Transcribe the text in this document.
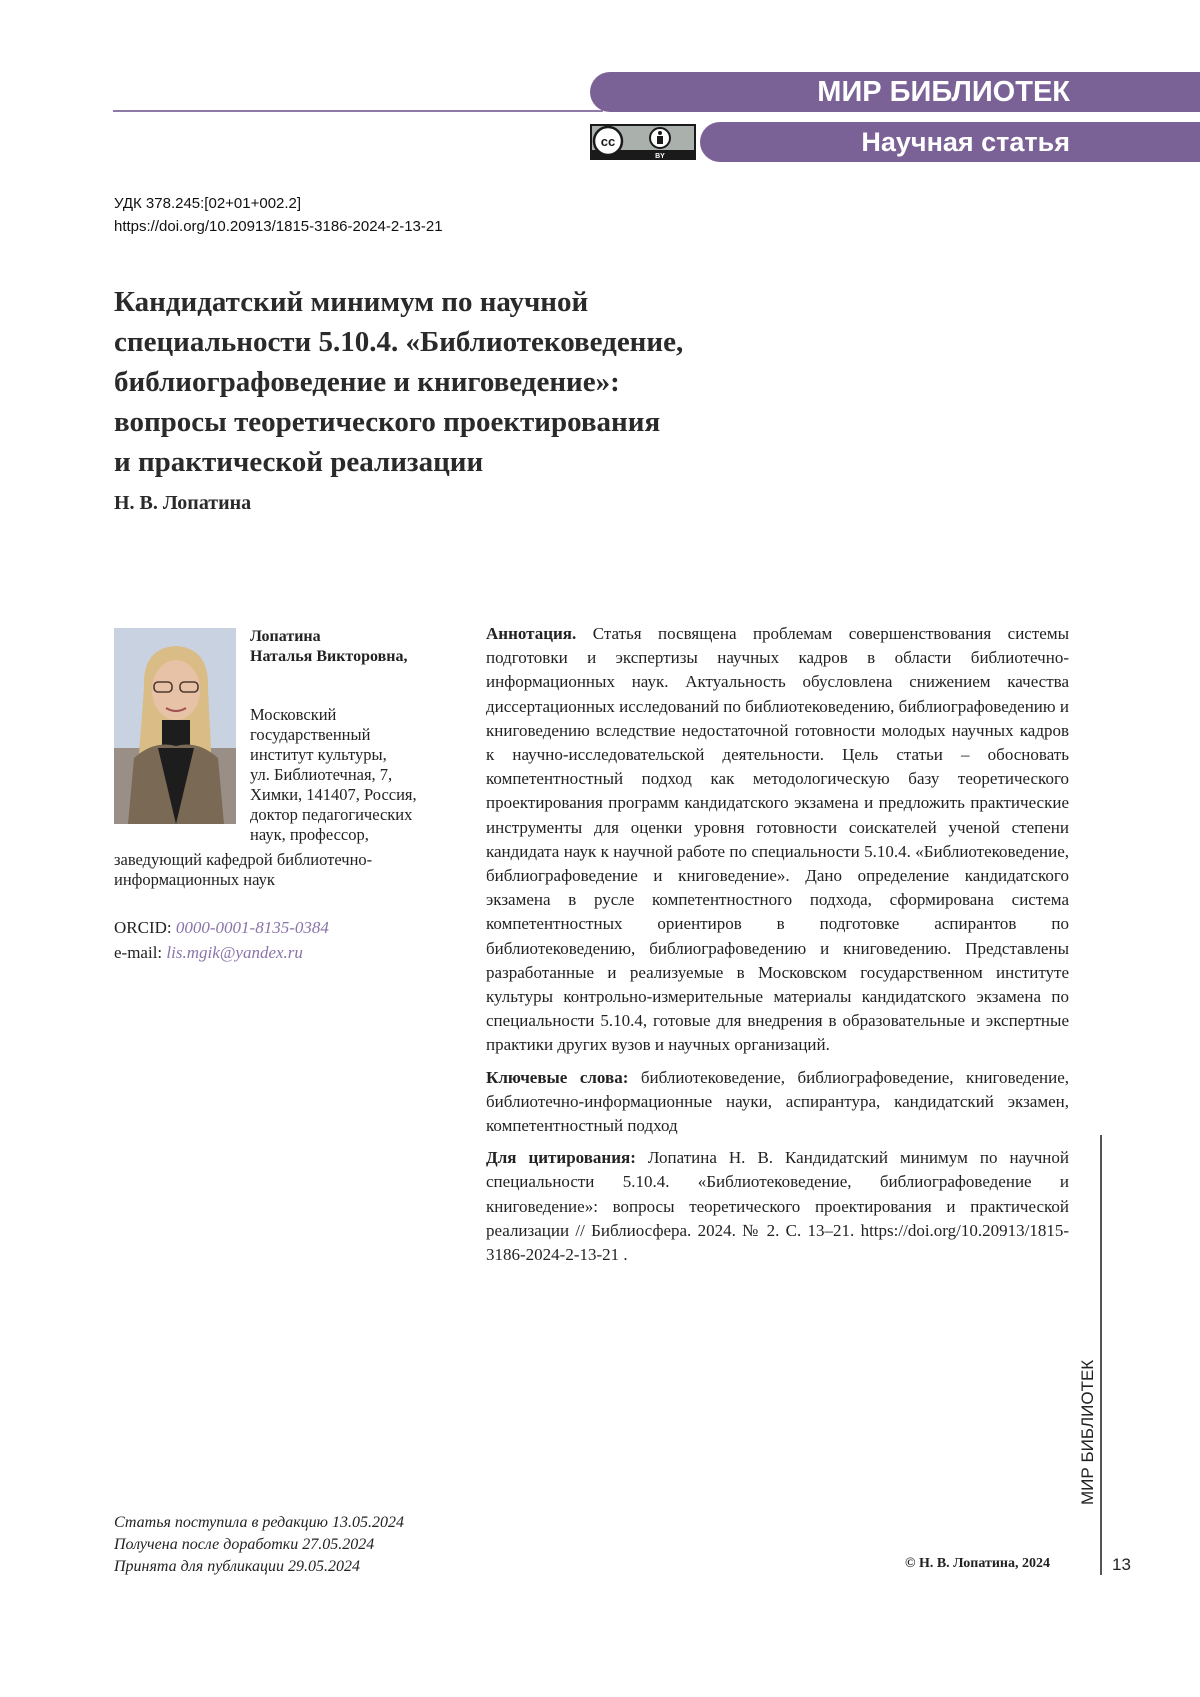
МИР БИБЛИОТЕК
cc
BY	Научная статья
УДК 378.245:[02+01+002.2]
https://doi.org/10.20913/1815-3186-2024-2-13-21
Кандидатский минимум по научной
специальности 5.10.4. «Библиотековедение,
библиографоведение и книговедение»:
вопросы теоретического проектирования
и практической реализации
Н. В. Лопатина
Лопатина
Наталья Викторовна,
Московский
государственный
институт культуры,
ул. Библиотечная, 7,
Химки, 141407, Россия,
доктор педагогических
наук, профессор,
заведующий кафедрой библиотечно-
информационных наук
ORCID: 0000-0001-8135-0384
e-mail: lis.mgik@yandex.ru

Аннотация. Статья посвящена проблемам совершенствования системы подготовки и экспертизы научных кадров в области библиотечно-информационных наук. Актуальность обусловлена снижением качества диссертационных исследований по библиотековедению, библиографоведению и книговедению вследствие недостаточной готовности молодых научных кадров к научно-исследовательской деятельности. Цель статьи – обосновать компетентностный подход как методологическую базу теоретического проектирования программ кандидатского экзамена и предложить практические инструменты для оценки уровня готовности соискателей ученой степени кандидата наук к научной работе по специальности 5.10.4. «Библиотековедение, библиографоведение и книговедение». Дано определение кандидатского экзамена в русле компетентностного подхода, сформирована система компетентностных ориентиров в подготовке аспирантов по библиотековедению, библиографоведению и книговедению. Представлены разработанные и реализуемые в Московском государственном институте культуры контрольно-измерительные материалы кандидатского экзамена по специальности 5.10.4, готовые для внедрения в образовательные и экспертные практики других вузов и научных организаций.

Ключевые слова: библиотековедение, библиографоведение, книговедение, библиотечно-информационные науки, аспирантура, кандидатский экзамен, компетентностный подход

Для цитирования: Лопатина Н. В. Кандидатский минимум по научной специальности 5.10.4. «Библиотековедение, библиографоведение и книговедение»: вопросы теоретического проектирования и практической реализации // Библиосфера. 2024. № 2. С. 13–21. https://doi.org/10.20913/1815-3186-2024-2-13-21 .

Статья поступила в редакцию 13.05.2024
Получена после доработки 27.05.2024
Принята для публикации 29.05.2024	© Н. В. Лопатина, 2024
МИР БИБЛИОТЕК
13
